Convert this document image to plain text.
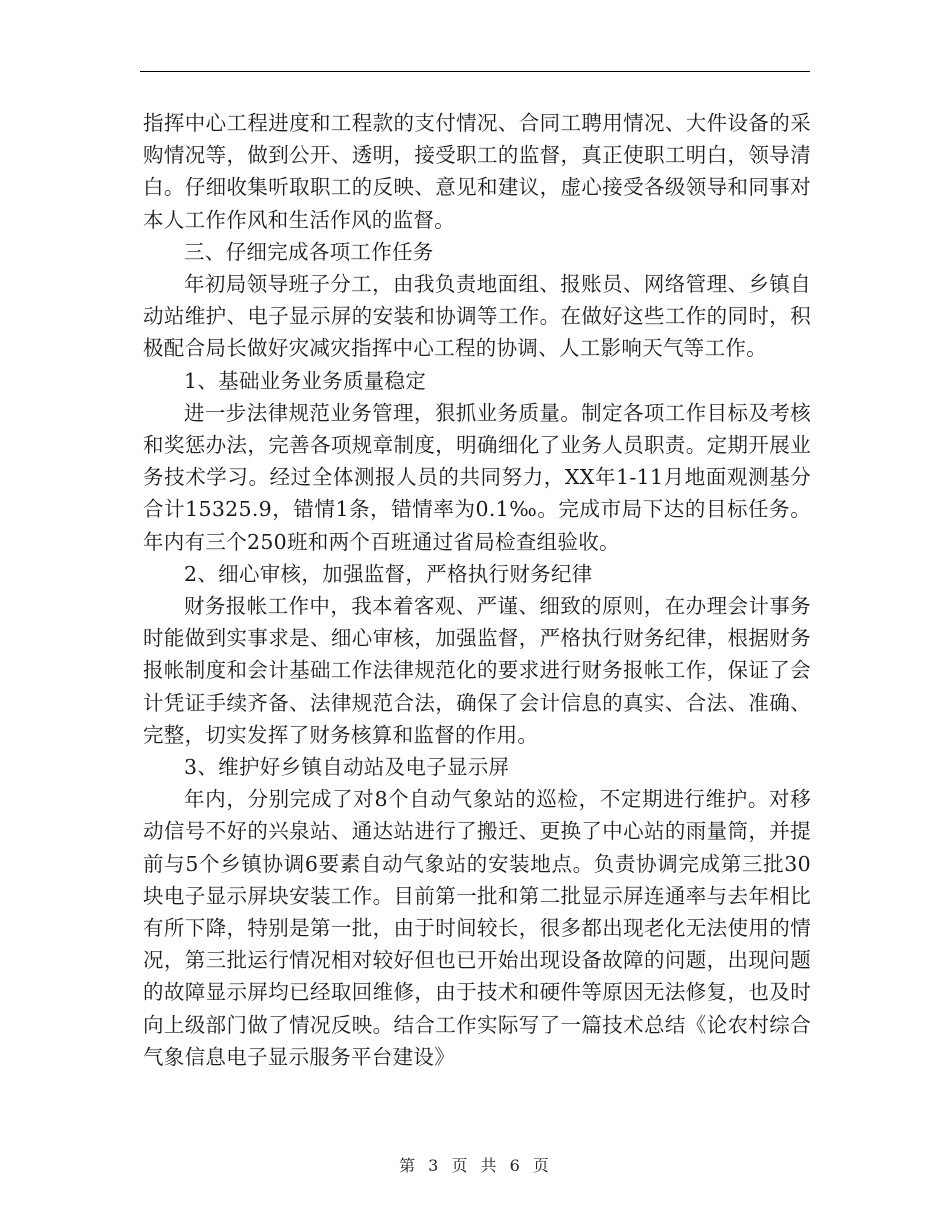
指挥中心工程进度和工程款的支付情况、合同工聘用情况、大件设备的采购情况等，做到公开、透明，接受职工的监督，真正使职工明白，领导清白。仔细收集听取职工的反映、意见和建议，虚心接受各级领导和同事对本人工作作风和生活作风的监督。

三、仔细完成各项工作任务

年初局领导班子分工，由我负责地面组、报账员、网络管理、乡镇自动站维护、电子显示屏的安装和协调等工作。在做好这些工作的同时，积极配合局长做好灾减灾指挥中心工程的协调、人工影响天气等工作。

1、基础业务业务质量稳定

进一步法律规范业务管理，狠抓业务质量。制定各项工作目标及考核和奖惩办法，完善各项规章制度，明确细化了业务人员职责。定期开展业务技术学习。经过全体测报人员的共同努力，XX年1-11月地面观测基分合计15325.9，错情1条，错情率为0.1‰。完成市局下达的目标任务。年内有三个250班和两个百班通过省局检查组验收。

2、细心审核，加强监督，严格执行财务纪律

财务报帐工作中，我本着客观、严谨、细致的原则，在办理会计事务时能做到实事求是、细心审核，加强监督，严格执行财务纪律，根据财务报帐制度和会计基础工作法律规范化的要求进行财务报帐工作，保证了会计凭证手续齐备、法律规范合法，确保了会计信息的真实、合法、准确、完整，切实发挥了财务核算和监督的作用。

3、维护好乡镇自动站及电子显示屏

年内，分别完成了对8个自动气象站的巡检，不定期进行维护。对移动信号不好的兴泉站、通达站进行了搬迁、更换了中心站的雨量筒，并提前与5个乡镇协调6要素自动气象站的安装地点。负责协调完成第三批30块电子显示屏块安装工作。目前第一批和第二批显示屏连通率与去年相比有所下降，特别是第一批，由于时间较长，很多都出现老化无法使用的情况，第三批运行情况相对较好但也已开始出现设备故障的问题，出现问题的故障显示屏均已经取回维修，由于技术和硬件等原因无法修复，也及时向上级部门做了情况反映。结合工作实际写了一篇技术总结《论农村综合气象信息电子显示服务平台建设》

第 3 页 共 6 页
